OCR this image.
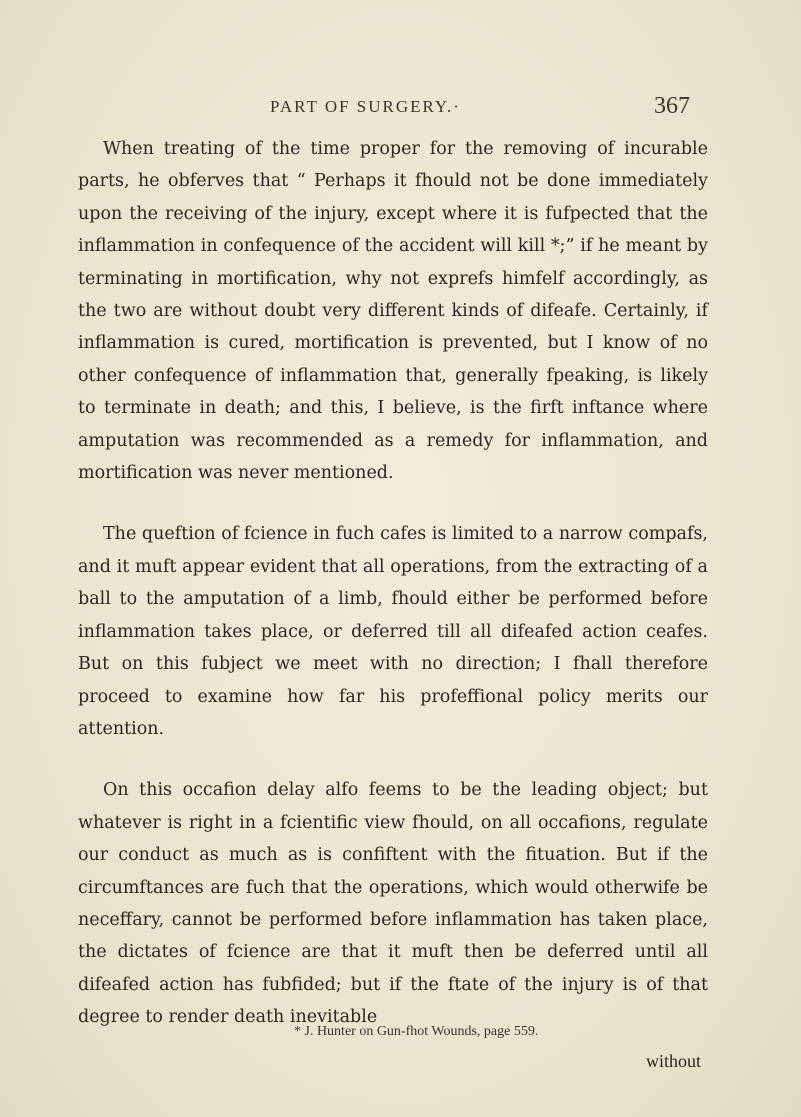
PART OF SURGERY.·	367

When treating of the time proper for the removing of incurable parts, he obferves that “ Perhaps it fhould not be done immediately upon the receiving of the injury, except where it is fufpected that the inflammation in confequence of the accident will kill *;” if he meant by terminating in mortification, why not exprefs himfelf accordingly, as the two are without doubt very different kinds of difeafe. Certainly, if inflammation is cured, mortification is prevented, but I know of no other confequence of inflammation that, generally fpeaking, is likely to terminate in death; and this, I believe, is the firft inftance where amputation was recommended as a remedy for inflammation, and mortification was never mentioned.

The queftion of fcience in fuch cafes is limited to a narrow compafs, and it muft appear evident that all operations, from the extracting of a ball to the amputation of a limb, fhould either be performed before inflammation takes place, or deferred till all difeafed action ceafes. But on this fubject we meet with no direction; I fhall therefore proceed to examine how far his profeffional policy merits our attention.

On this occafion delay alfo feems to be the leading object; but whatever is right in a fcientific view fhould, on all occafions, regulate our conduct as much as is confiftent with the fituation. But if the circumftances are fuch that the operations, which would otherwife be neceffary, cannot be performed before inflammation has taken place, the dictates of fcience are that it muft then be deferred until all difeafed action has fubfided; but if the ftate of the injury is of that degree to render death inevitable

* J. Hunter on Gun-fhot Wounds, page 559.
without
